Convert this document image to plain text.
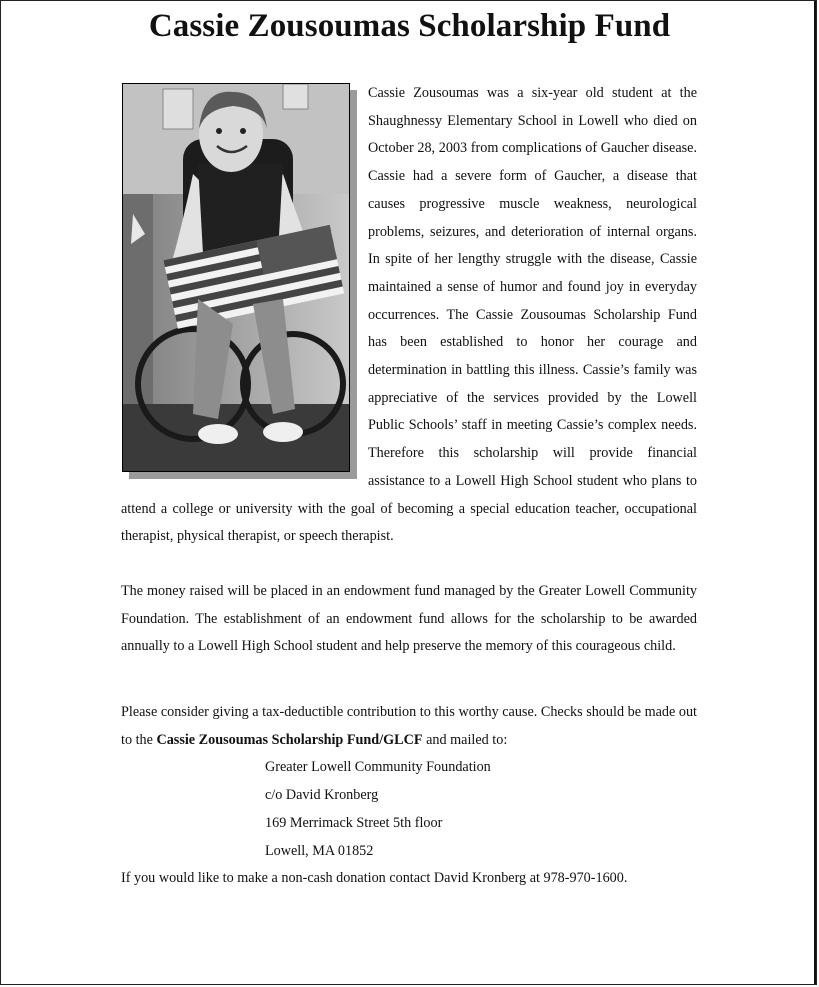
Cassie Zousoumas Scholarship Fund

Cassie Zousoumas was a six-year old student at the Shaughnessy Elementary School in Lowell who died on October 28, 2003 from complications of Gaucher disease. Cassie had a severe form of Gaucher, a disease that causes progressive muscle weakness, neurological problems, seizures, and deterioration of internal organs. In spite of her lengthy struggle with the disease, Cassie maintained a sense of humor and found joy in everyday occurrences. The Cassie Zousoumas Scholarship Fund has been established to honor her courage and determination in battling this illness. Cassie’s family was appreciative of the services provided by the Lowell Public Schools’ staff in meeting Cassie’s complex needs. Therefore this scholarship will provide financial assistance to a Lowell High School student who plans to attend a college or university with the goal of becoming a special education teacher, occupational therapist, physical therapist, or speech therapist.

The money raised will be placed in an endowment fund managed by the Greater Lowell Community Foundation. The establishment of an endowment fund allows for the scholarship to be awarded annually to a Lowell High School student and help preserve the memory of this courageous child.

Please consider giving a tax-deductible contribution to this worthy cause. Checks should be made out to the Cassie Zousoumas Scholarship Fund/GLCF and mailed to:

Greater Lowell Community Foundation
c/o David Kronberg
169 Merrimack Street 5th floor
Lowell, MA 01852

If you would like to make a non-cash donation contact David Kronberg at 978-970-1600.
